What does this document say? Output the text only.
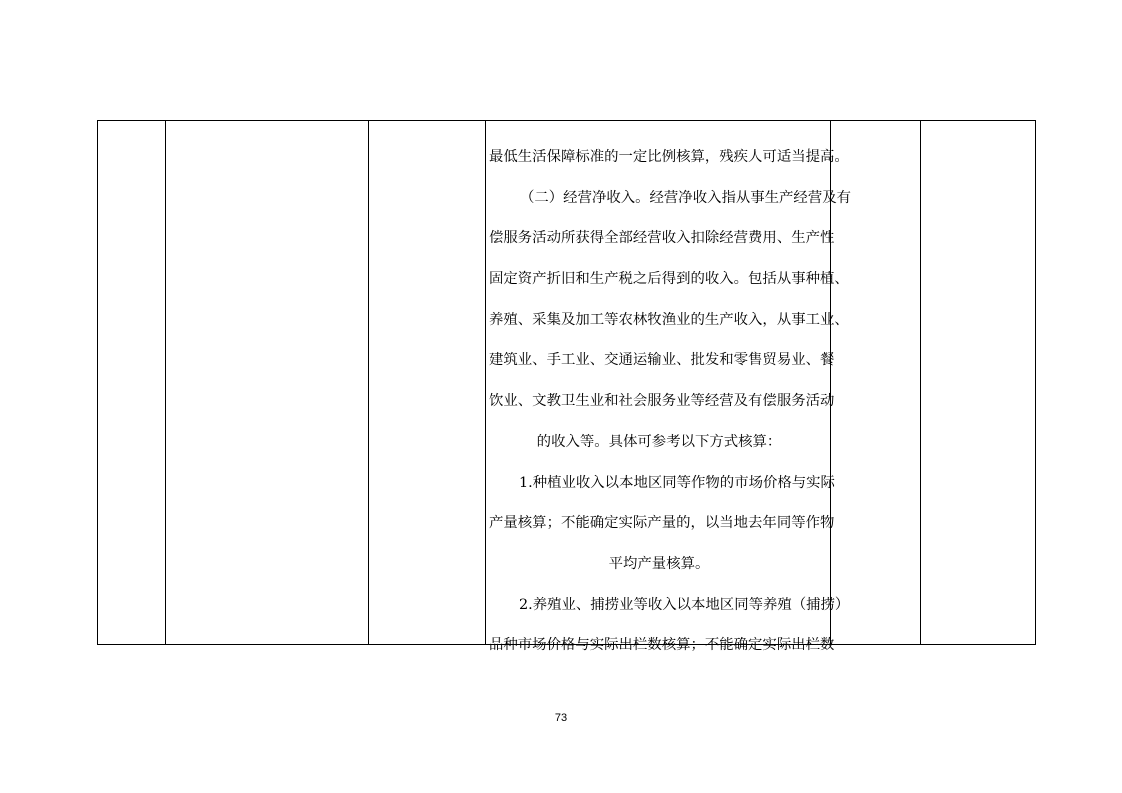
最低生活保障标准的一定比例核算，残疾人可适当提高。
（二）经营净收入。经营净收入指从事生产经营及有
偿服务活动所获得全部经营收入扣除经营费用、生产性
固定资产折旧和生产税之后得到的收入。包括从事种植、
养殖、采集及加工等农林牧渔业的生产收入，从事工业、
建筑业、手工业、交通运输业、批发和零售贸易业、餐
饮业、文教卫生业和社会服务业等经营及有偿服务活动
的收入等。具体可参考以下方式核算：
1.种植业收入以本地区同等作物的市场价格与实际
产量核算；不能确定实际产量的，以当地去年同等作物
平均产量核算。
2.养殖业、捕捞业等收入以本地区同等养殖（捕捞）
品种市场价格与实际出栏数核算；不能确定实际出栏数

73
